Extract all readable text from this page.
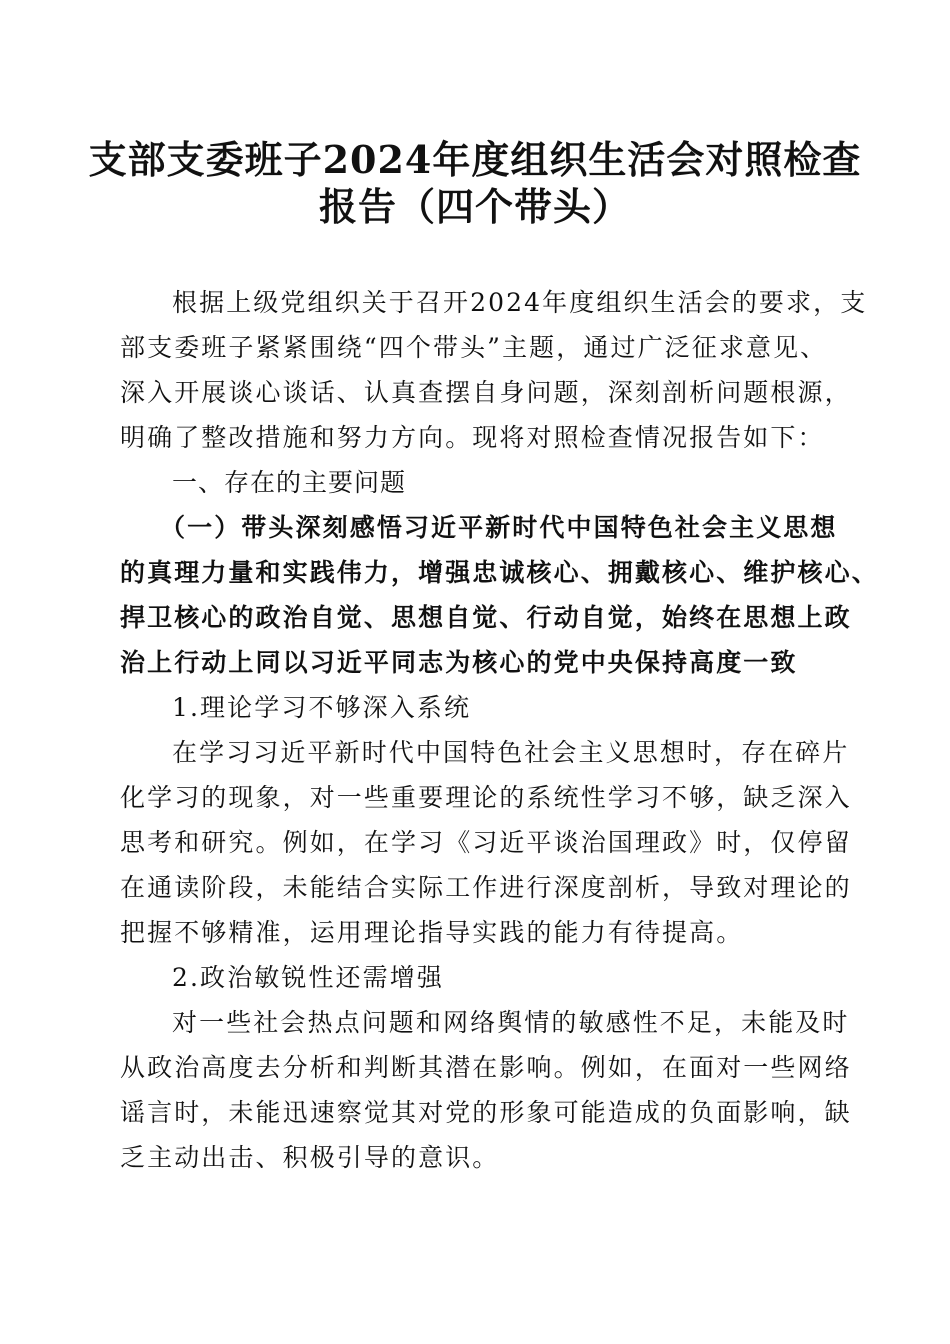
支部支委班子2024年度组织生活会对照检查
报告（四个带头）
根据上级党组织关于召开2024年度组织生活会的要求，支
部支委班子紧紧围绕“四个带头”主题，通过广泛征求意见、
深入开展谈心谈话、认真查摆自身问题，深刻剖析问题根源，
明确了整改措施和努力方向。现将对照检查情况报告如下：
一、存在的主要问题
（一）带头深刻感悟习近平新时代中国特色社会主义思想
的真理力量和实践伟力，增强忠诚核心、拥戴核心、维护核心、
捍卫核心的政治自觉、思想自觉、行动自觉，始终在思想上政
治上行动上同以习近平同志为核心的党中央保持高度一致
1.理论学习不够深入系统
在学习习近平新时代中国特色社会主义思想时，存在碎片
化学习的现象，对一些重要理论的系统性学习不够，缺乏深入
思考和研究。例如，在学习《习近平谈治国理政》时，仅停留
在通读阶段，未能结合实际工作进行深度剖析，导致对理论的
把握不够精准，运用理论指导实践的能力有待提高。
2.政治敏锐性还需增强
对一些社会热点问题和网络舆情的敏感性不足，未能及时
从政治高度去分析和判断其潜在影响。例如，在面对一些网络
谣言时，未能迅速察觉其对党的形象可能造成的负面影响，缺
乏主动出击、积极引导的意识。
